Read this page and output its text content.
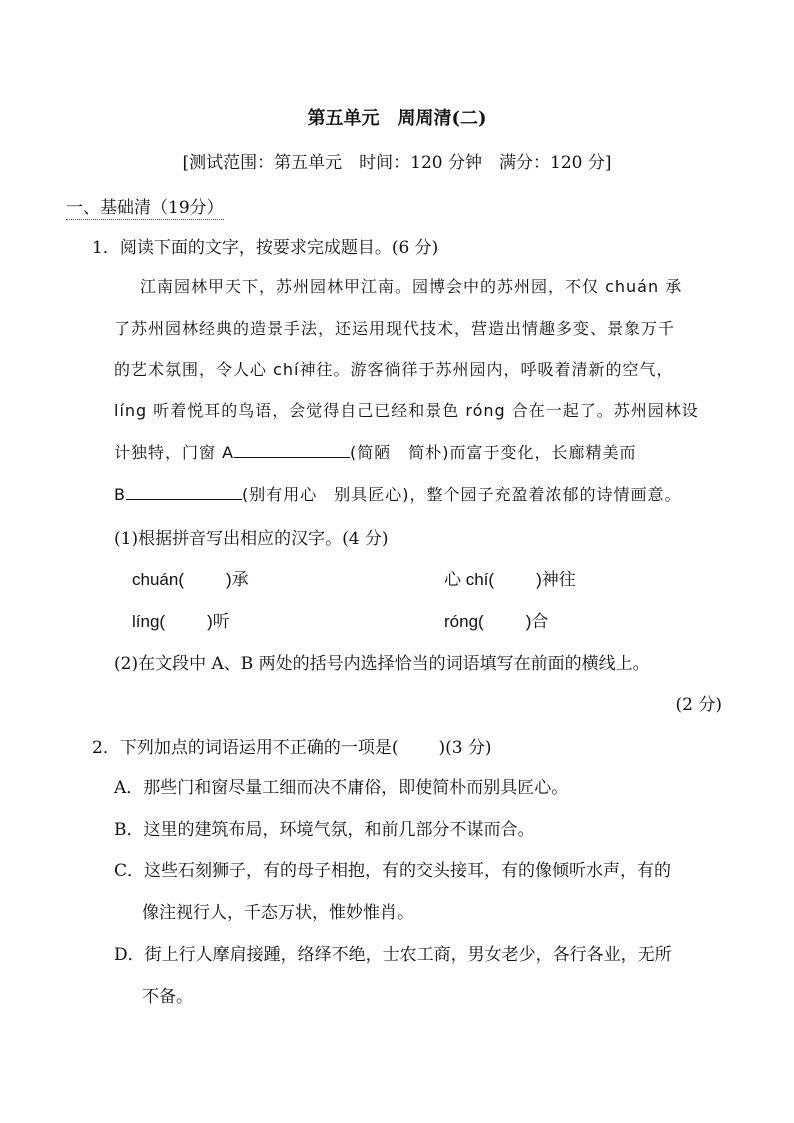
第五单元　周周清(二)
[测试范围：第五单元　时间：120 分钟　满分：120 分]
一、基础清（19分）
1．阅读下面的文字，按要求完成题目。(6 分)
江南园林甲天下，苏州园林甲江南。园博会中的苏州园，不仅 chuán 承
了苏州园林经典的造景手法，还运用现代技术，营造出情趣多变、景象万千
的艺术氛围，令人心 chí神往。游客徜徉于苏州园内，呼吸着清新的空气，
líng 听着悦耳的鸟语，会觉得自己已经和景色 róng 合在一起了。苏州园林设
计独特，门窗 A	(简陋　简朴)而富于变化，长廊精美而
B	(别有用心　别具匠心)，整个园子充盈着浓郁的诗情画意。
(1)根据拼音写出相应的汉字。(4 分)
chuán( )承	心 chí( )神往
líng( )听	róng( )合
(2)在文段中 A、B 两处的括号内选择恰当的词语填写在前面的横线上。
(2 分)
2．下列加点的词语运用不正确的一项是( )(3 分)
A．那些门和窗尽量工细而决不庸俗，即使简朴而别具匠心。
B．这里的建筑布局，环境气氛，和前几部分不谋而合。
C．这些石刻狮子，有的母子相抱，有的交头接耳，有的像倾听水声，有的
像注视行人，千态万状，惟妙惟肖。
D．街上行人摩肩接踵，络绎不绝，士农工商，男女老少，各行各业，无所
不备。
